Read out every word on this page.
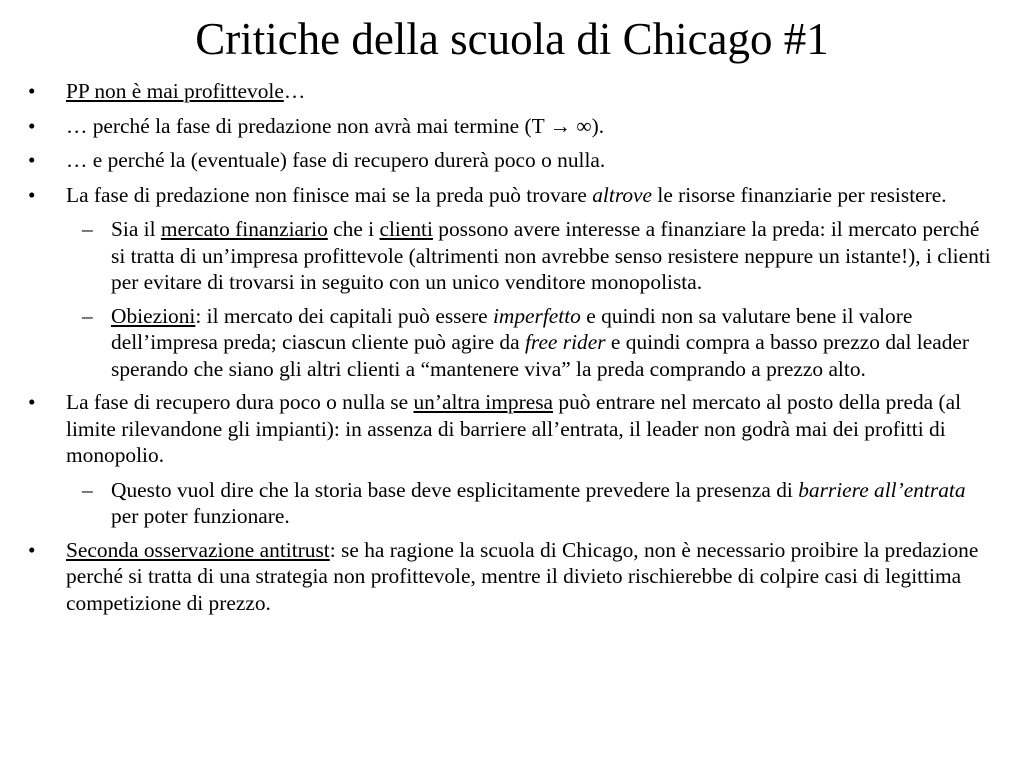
Critiche della scuola di Chicago #1
• PP non è mai profittevole…
• … perché la fase di predazione non avrà mai termine (T → ∞).
• … e perché la (eventuale) fase di recupero durerà poco o nulla.
• La fase di predazione non finisce mai se la preda può trovare altrove le risorse finanziarie per resistere.
– Sia il mercato finanziario che i clienti possono avere interesse a finanziare la preda: il mercato perché si tratta di un’impresa profittevole (altrimenti non avrebbe senso resistere neppure un istante!), i clienti per evitare di trovarsi in seguito con un unico venditore monopolista.
– Obiezioni: il mercato dei capitali può essere imperfetto e quindi non sa valutare bene il valore dell’impresa preda; ciascun cliente può agire da free rider e quindi compra a basso prezzo dal leader sperando che siano gli altri clienti a “mantenere viva” la preda comprando a prezzo alto.
• La fase di recupero dura poco o nulla se un’altra impresa può entrare nel mercato al posto della preda (al limite rilevandone gli impianti): in assenza di barriere all’entrata, il leader non godrà mai dei profitti di monopolio.
– Questo vuol dire che la storia base deve esplicitamente prevedere la presenza di barriere all’entrata per poter funzionare.
• Seconda osservazione antitrust: se ha ragione la scuola di Chicago, non è necessario proibire la predazione perché si tratta di una strategia non profittevole, mentre il divieto rischierebbe di colpire casi di legittima competizione di prezzo.
